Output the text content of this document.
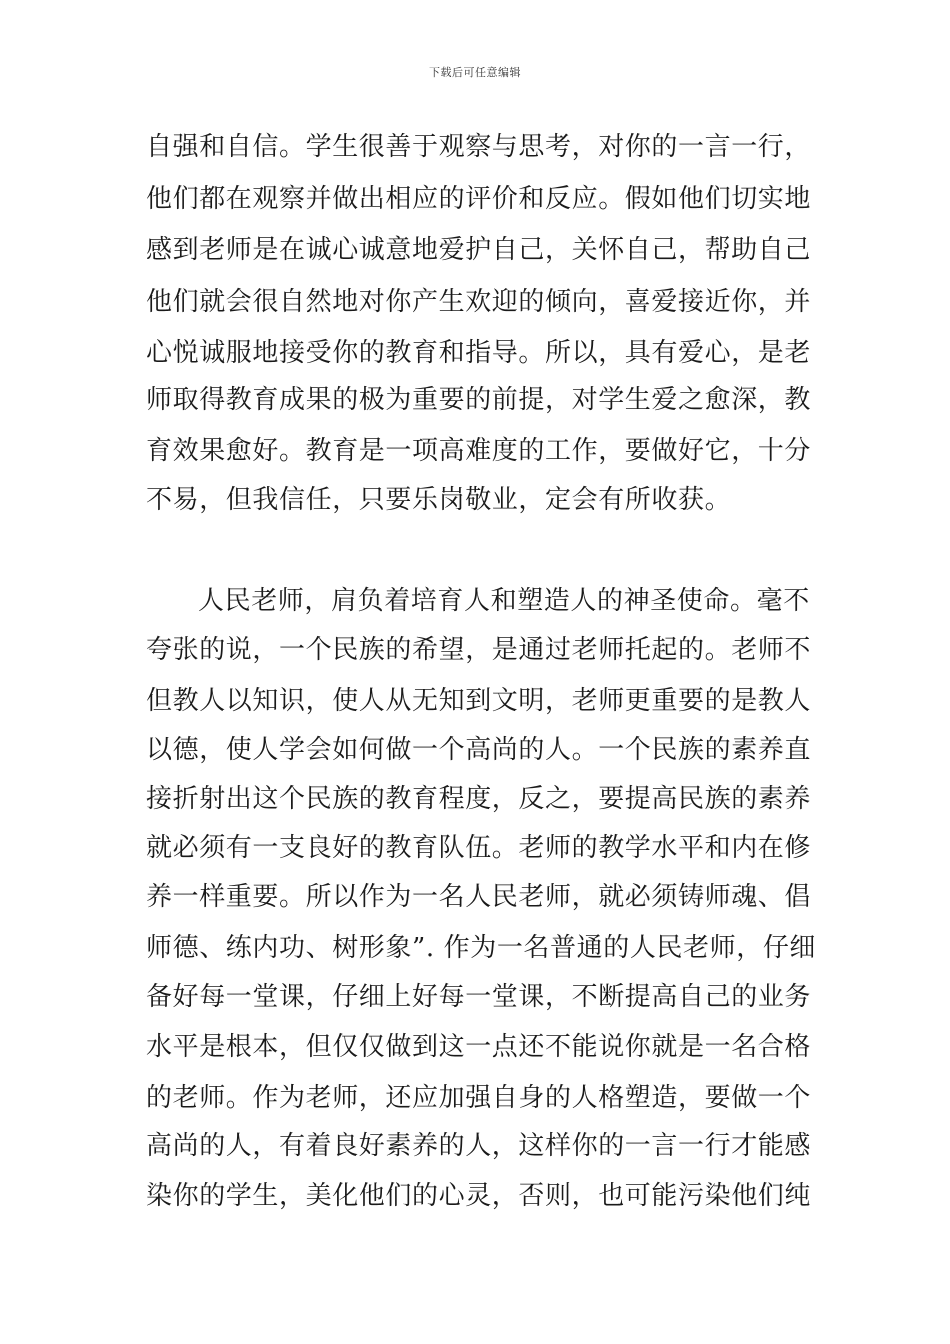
下载后可任意编辑
自强和自信。学生很善于观察与思考，对你的一言一行，
他们都在观察并做出相应的评价和反应。假如他们切实地
感到老师是在诚心诚意地爱护自己，关怀自己，帮助自己
他们就会很自然地对你产生欢迎的倾向，喜爱接近你，并
心悦诚服地接受你的教育和指导。所以，具有爱心，是老
师取得教育成果的极为重要的前提，对学生爱之愈深，教
育效果愈好。教育是一项高难度的工作，要做好它，十分
不易，但我信任，只要乐岗敬业，定会有所收获。
人民老师，肩负着培育人和塑造人的神圣使命。毫不
夸张的说，一个民族的希望，是通过老师托起的。老师不
但教人以知识，使人从无知到文明，老师更重要的是教人
以德，使人学会如何做一个高尚的人。一个民族的素养直
接折射出这个民族的教育程度，反之，要提高民族的素养
就必须有一支良好的教育队伍。老师的教学水平和内在修
养一样重要。所以作为一名人民老师，就必须铸师魂、倡
师德、练内功、树形象”. 作为一名普通的人民老师，仔细
备好每一堂课，仔细上好每一堂课，不断提高自己的业务
水平是根本，但仅仅做到这一点还不能说你就是一名合格
的老师。作为老师，还应加强自身的人格塑造，要做一个
高尚的人，有着良好素养的人，这样你的一言一行才能感
染你的学生，美化他们的心灵，否则，也可能污染他们纯
